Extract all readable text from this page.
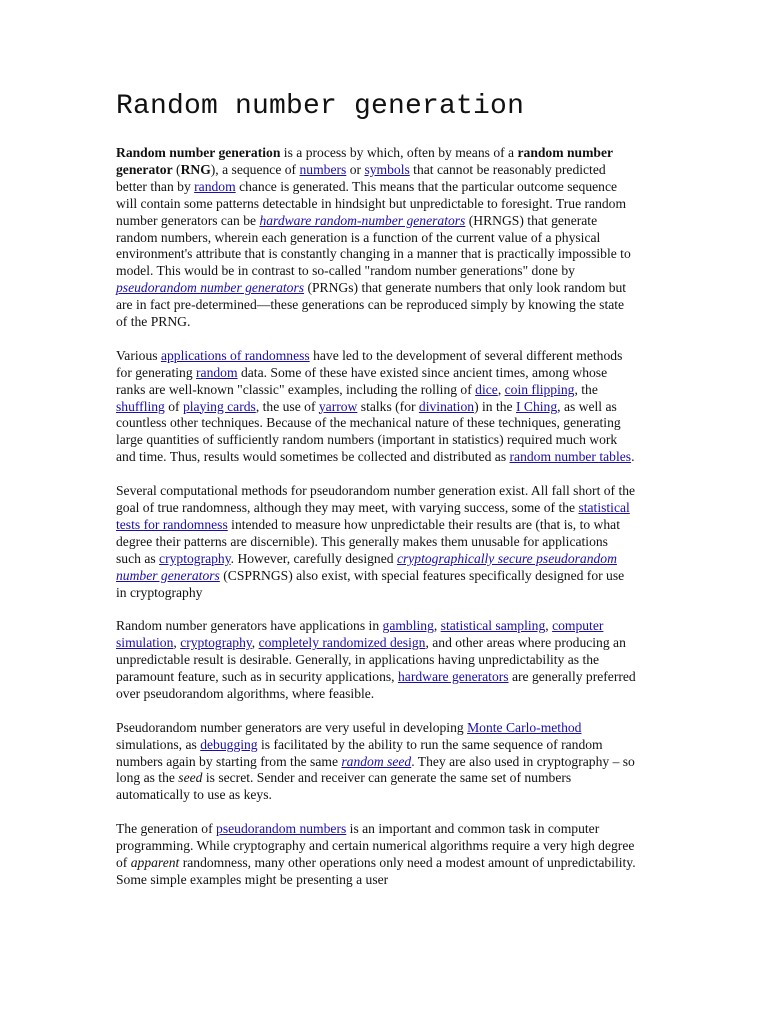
Random number generation

Random number generation is a process by which, often by means of a random number generator (RNG), a sequence of numbers or symbols that cannot be reasonably predicted better than by random chance is generated. This means that the particular outcome sequence will contain some patterns detectable in hindsight but unpredictable to foresight. True random number generators can be hardware random-number generators (HRNGS) that generate random numbers, wherein each generation is a function of the current value of a physical environment's attribute that is constantly changing in a manner that is practically impossible to model. This would be in contrast to so-called "random number generations" done by pseudorandom number generators (PRNGs) that generate numbers that only look random but are in fact pre-determined—these generations can be reproduced simply by knowing the state of the PRNG.

Various applications of randomness have led to the development of several different methods for generating random data. Some of these have existed since ancient times, among whose ranks are well-known "classic" examples, including the rolling of dice, coin flipping, the shuffling of playing cards, the use of yarrow stalks (for divination) in the I Ching, as well as countless other techniques. Because of the mechanical nature of these techniques, generating large quantities of sufficiently random numbers (important in statistics) required much work and time. Thus, results would sometimes be collected and distributed as random number tables.

Several computational methods for pseudorandom number generation exist. All fall short of the goal of true randomness, although they may meet, with varying success, some of the statistical tests for randomness intended to measure how unpredictable their results are (that is, to what degree their patterns are discernible). This generally makes them unusable for applications such as cryptography. However, carefully designed cryptographically secure pseudorandom number generators (CSPRNGS) also exist, with special features specifically designed for use in cryptography

Random number generators have applications in gambling, statistical sampling, computer simulation, cryptography, completely randomized design, and other areas where producing an unpredictable result is desirable. Generally, in applications having unpredictability as the paramount feature, such as in security applications, hardware generators are generally preferred over pseudorandom algorithms, where feasible.

Pseudorandom number generators are very useful in developing Monte Carlo-method simulations, as debugging is facilitated by the ability to run the same sequence of random numbers again by starting from the same random seed. They are also used in cryptography – so long as the seed is secret. Sender and receiver can generate the same set of numbers automatically to use as keys.

The generation of pseudorandom numbers is an important and common task in computer programming. While cryptography and certain numerical algorithms require a very high degree of apparent randomness, many other operations only need a modest amount of unpredictability. Some simple examples might be presenting a user
